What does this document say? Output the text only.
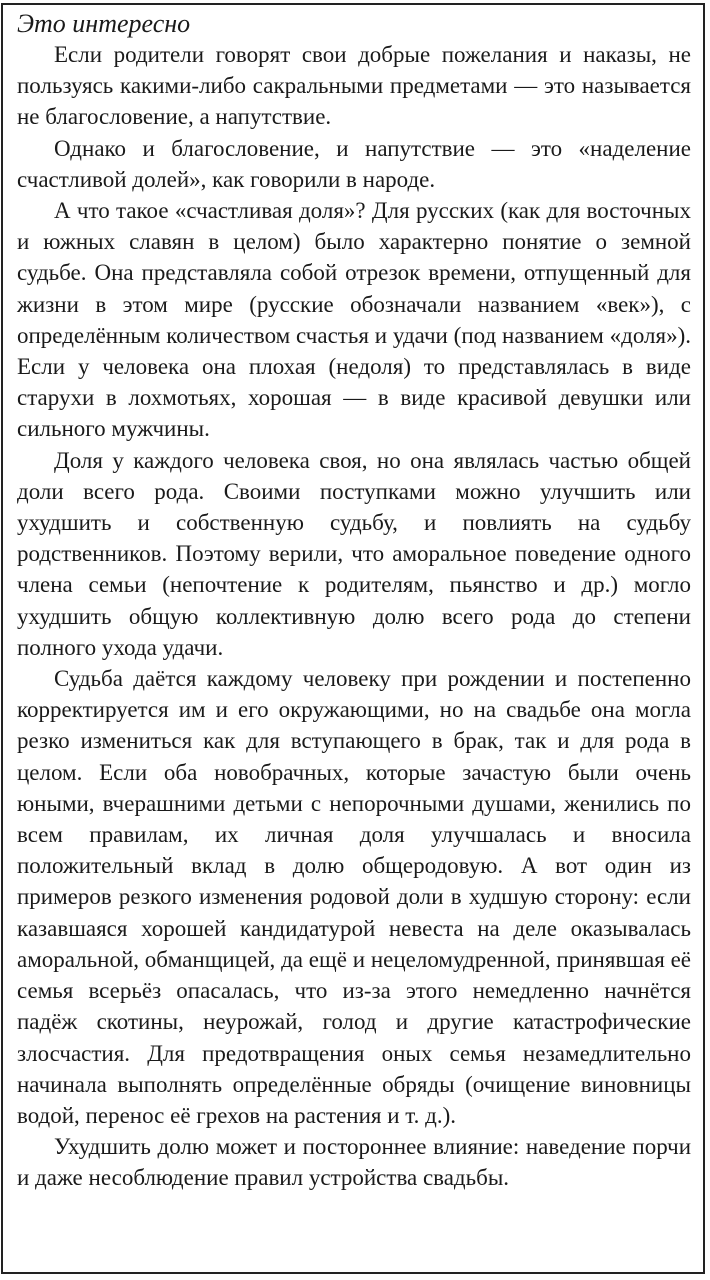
Это интересно

Если родители говорят свои добрые пожелания и наказы, не пользуясь какими-либо сакральными предметами — это называется не благословение, а напутствие.

Однако и благословение, и напутствие — это «наделение счастливой долей», как говорили в народе.

А что такое «счастливая доля»? Для русских (как для восточных и южных славян в целом) было характерно понятие о земной судьбе. Она представляла собой отрезок времени, отпущенный для жизни в этом мире (русские обозначали названием «век»), с определённым количеством счастья и удачи (под названием «доля»). Если у человека она плохая (недоля) то представлялась в виде старухи в лохмотьях, хорошая — в виде красивой девушки или сильного мужчины.

Доля у каждого человека своя, но она являлась частью общей доли всего рода. Своими поступками можно улучшить или ухудшить и собственную судьбу, и повлиять на судьбу родственников. Поэтому верили, что аморальное поведение одного члена семьи (непочтение к родителям, пьянство и др.) могло ухудшить общую коллективную долю всего рода до степени полного ухода удачи.

Судьба даётся каждому человеку при рождении и постепенно корректируется им и его окружающими, но на свадьбе она могла резко измениться как для вступающего в брак, так и для рода в целом. Если оба новобрачных, которые зачастую были очень юными, вчерашними детьми с непорочными душами, женились по всем правилам, их личная доля улучшалась и вносила положительный вклад в долю общеродовую. А вот один из примеров резкого изменения родовой доли в худшую сторону: если казавшаяся хорошей кандидатурой невеста на деле оказывалась аморальной, обманщицей, да ещё и нецеломудренной, принявшая её семья всерьёз опасалась, что из-за этого немедленно начнётся падёж скотины, неурожай, голод и другие катастрофические злосчастия. Для предотвращения оных семья незамедлительно начинала выполнять определённые обряды (очищение виновницы водой, перенос её грехов на растения и т. д.).

Ухудшить долю может и постороннее влияние: наведение порчи и даже несоблюдение правил устройства свадьбы.
